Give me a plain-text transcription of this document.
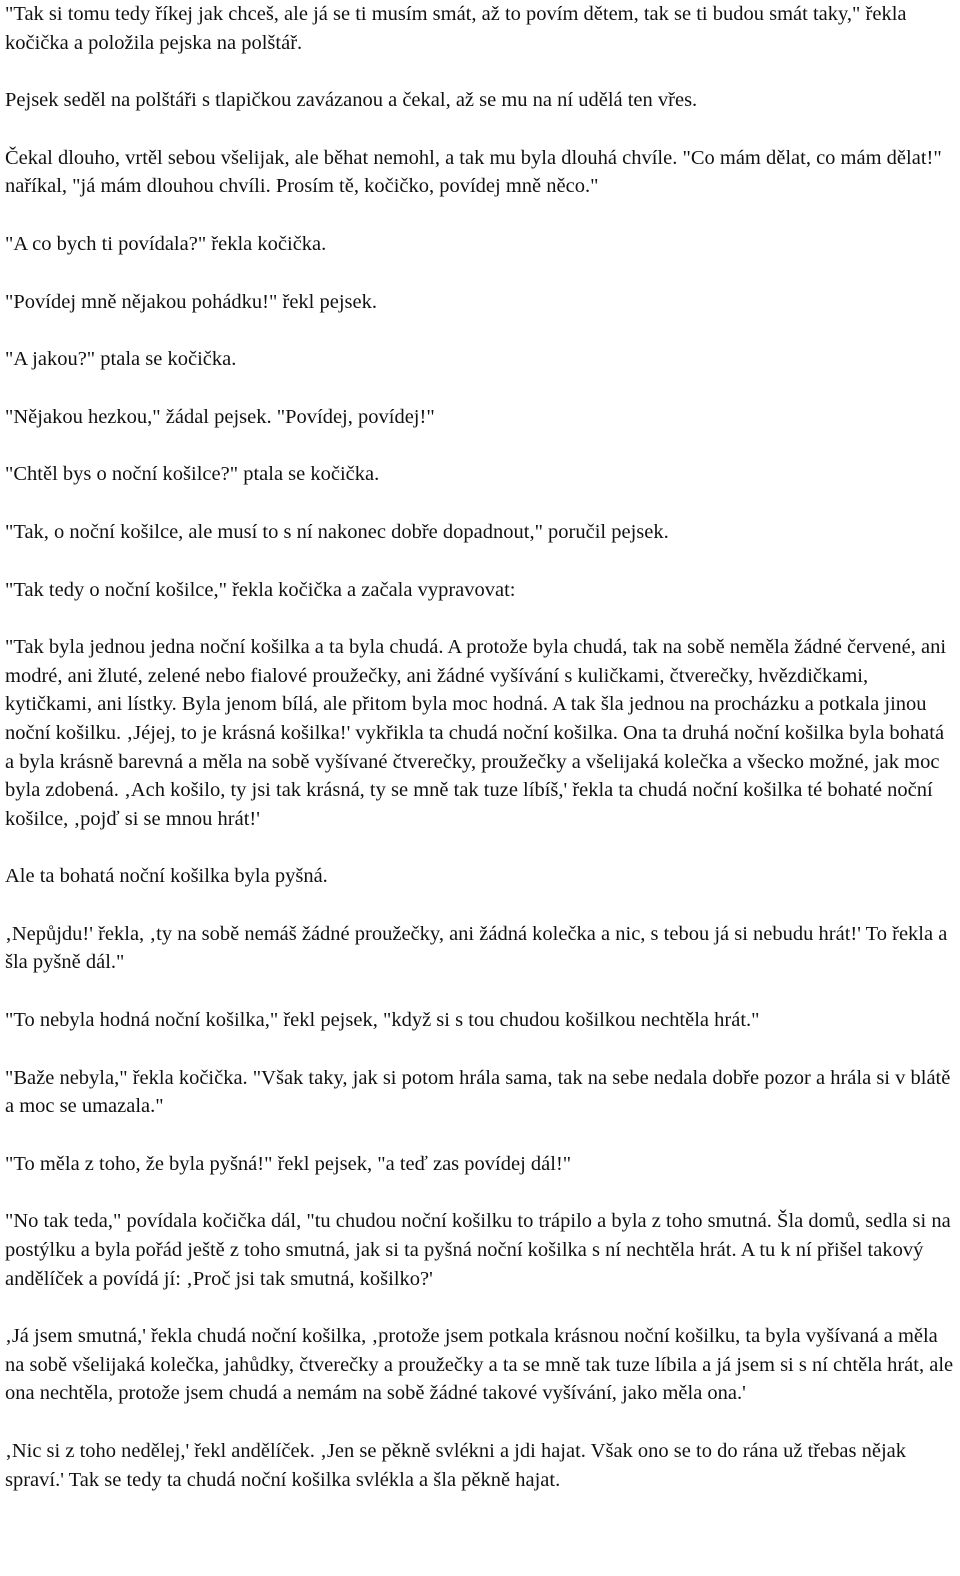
"Tak si tomu tedy říkej jak chceš, ale já se ti musím smát, až to povím dětem, tak se ti budou smát taky," řekla kočička a položila pejska na polštář.

Pejsek seděl na polštáři s tlapičkou zavázanou a čekal, až se mu na ní udělá ten vřes.

Čekal dlouho, vrtěl sebou všelijak, ale běhat nemohl, a tak mu byla dlouhá chvíle. "Co mám dělat, co mám dělat!" naříkal, "já mám dlouhou chvíli. Prosím tě, kočičko, povídej mně něco."

"A co bych ti povídala?" řekla kočička.

"Povídej mně nějakou pohádku!" řekl pejsek.

"A jakou?" ptala se kočička.

"Nějakou hezkou," žádal pejsek. "Povídej, povídej!"

"Chtěl bys o noční košilce?" ptala se kočička.

"Tak, o noční košilce, ale musí to s ní nakonec dobře dopadnout," poručil pejsek.

"Tak tedy o noční košilce," řekla kočička a začala vypravovat:

"Tak byla jednou jedna noční košilka a ta byla chudá. A protože byla chudá, tak na sobě neměla žádné červené, ani modré, ani žluté, zelené nebo fialové proužečky, ani žádné vyšívání s kuličkami, čtverečky, hvězdičkami, kytičkami, ani lístky. Byla jenom bílá, ale přitom byla moc hodná. A tak šla jednou na procházku a potkala jinou noční košilku. ‚Jéjej, to je krásná košilka!' vykřikla ta chudá noční košilka. Ona ta druhá noční košilka byla bohatá a byla krásně barevná a měla na sobě vyšívané čtverečky, proužečky a všelijaká kolečka a všecko možné, jak moc byla zdobená. ‚Ach košilo, ty jsi tak krásná, ty se mně tak tuze líbíš,' řekla ta chudá noční košilka té bohaté noční košilce, ‚pojď si se mnou hrát!'

Ale ta bohatá noční košilka byla pyšná.

‚Nepůjdu!' řekla, ‚ty na sobě nemáš žádné proužečky, ani žádná kolečka a nic, s tebou já si nebudu hrát!' To řekla a šla pyšně dál."

"To nebyla hodná noční košilka," řekl pejsek, "když si s tou chudou košilkou nechtěla hrát."

"Baže nebyla," řekla kočička. "Však taky, jak si potom hrála sama, tak na sebe nedala dobře pozor a hrála si v blátě a moc se umazala."

"To měla z toho, že byla pyšná!" řekl pejsek, "a teď zas povídej dál!"

"No tak teda," povídala kočička dál, "tu chudou noční košilku to trápilo a byla z toho smutná. Šla domů, sedla si na postýlku a byla pořád ještě z toho smutná, jak si ta pyšná noční košilka s ní nechtěla hrát. A tu k ní přišel takový andělíček a povídá jí: ‚Proč jsi tak smutná, košilko?'

‚Já jsem smutná,' řekla chudá noční košilka, ‚protože jsem potkala krásnou noční košilku, ta byla vyšívaná a měla na sobě všelijaká kolečka, jahůdky, čtverečky a proužečky a ta se mně tak tuze líbila a já jsem si s ní chtěla hrát, ale ona nechtěla, protože jsem chudá a nemám na sobě žádné takové vyšívání, jako měla ona.'

‚Nic si z toho nedělej,' řekl andělíček. ‚Jen se pěkně svlékni a jdi hajat. Však ono se to do rána už třebas nějak spraví.' Tak se tedy ta chudá noční košilka svlékla a šla pěkně hajat.
